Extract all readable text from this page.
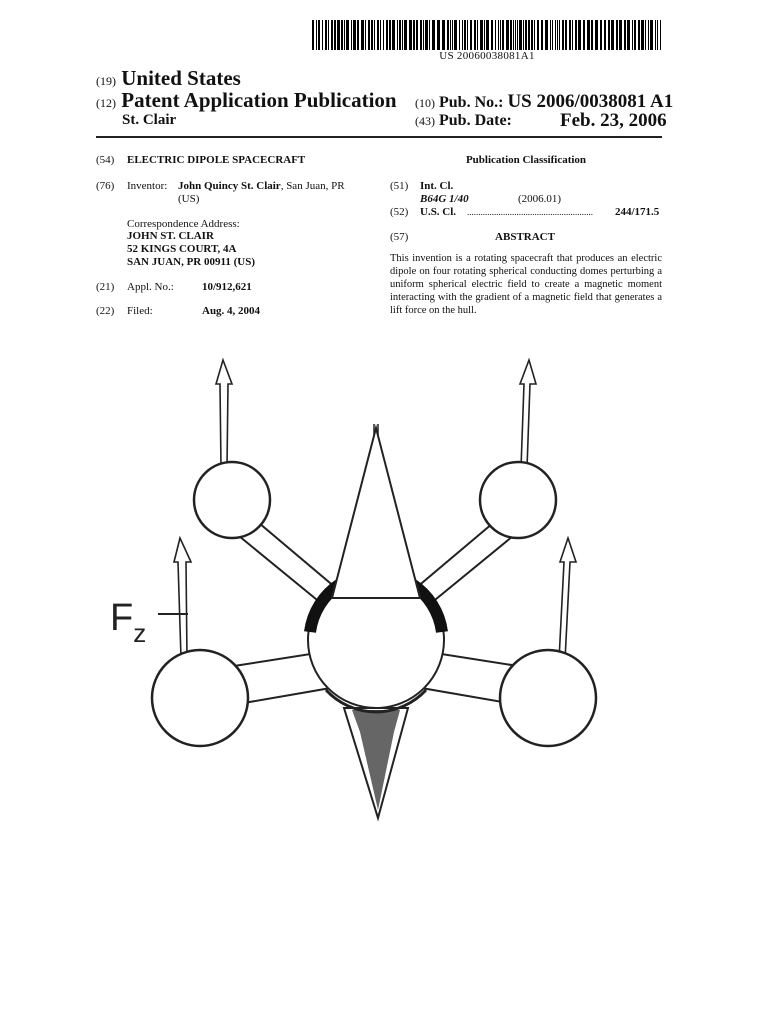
US 20060038081A1
(19) United States
(12) Patent Application Publication
St. Clair
(10) Pub. No.: US 2006/0038081 A1
(43) Pub. Date:	Feb. 23, 2006
(54) ELECTRIC DIPOLE SPACECRAFT
(76) Inventor: John Quincy St. Clair, San Juan, PR
(US)
Correspondence Address:
JOHN ST. CLAIR
52 KINGS COURT, 4A
SAN JUAN, PR 00911 (US)
(21) Appl. No.:	10/912,621
(22) Filed:	Aug. 4, 2004
Publication Classification
(51) Int. Cl.
B64G 1/40	(2006.01)
(52) U.S. Cl. ........................................................	244/171.5
(57)	ABSTRACT
This invention is a rotating spacecraft that produces an electric dipole on four rotating spherical conducting domes perturbing a uniform spherical electric field to create a magnetic moment interacting with the gradient of a magnetic field that generates a lift force on the hull.
$F_z$
